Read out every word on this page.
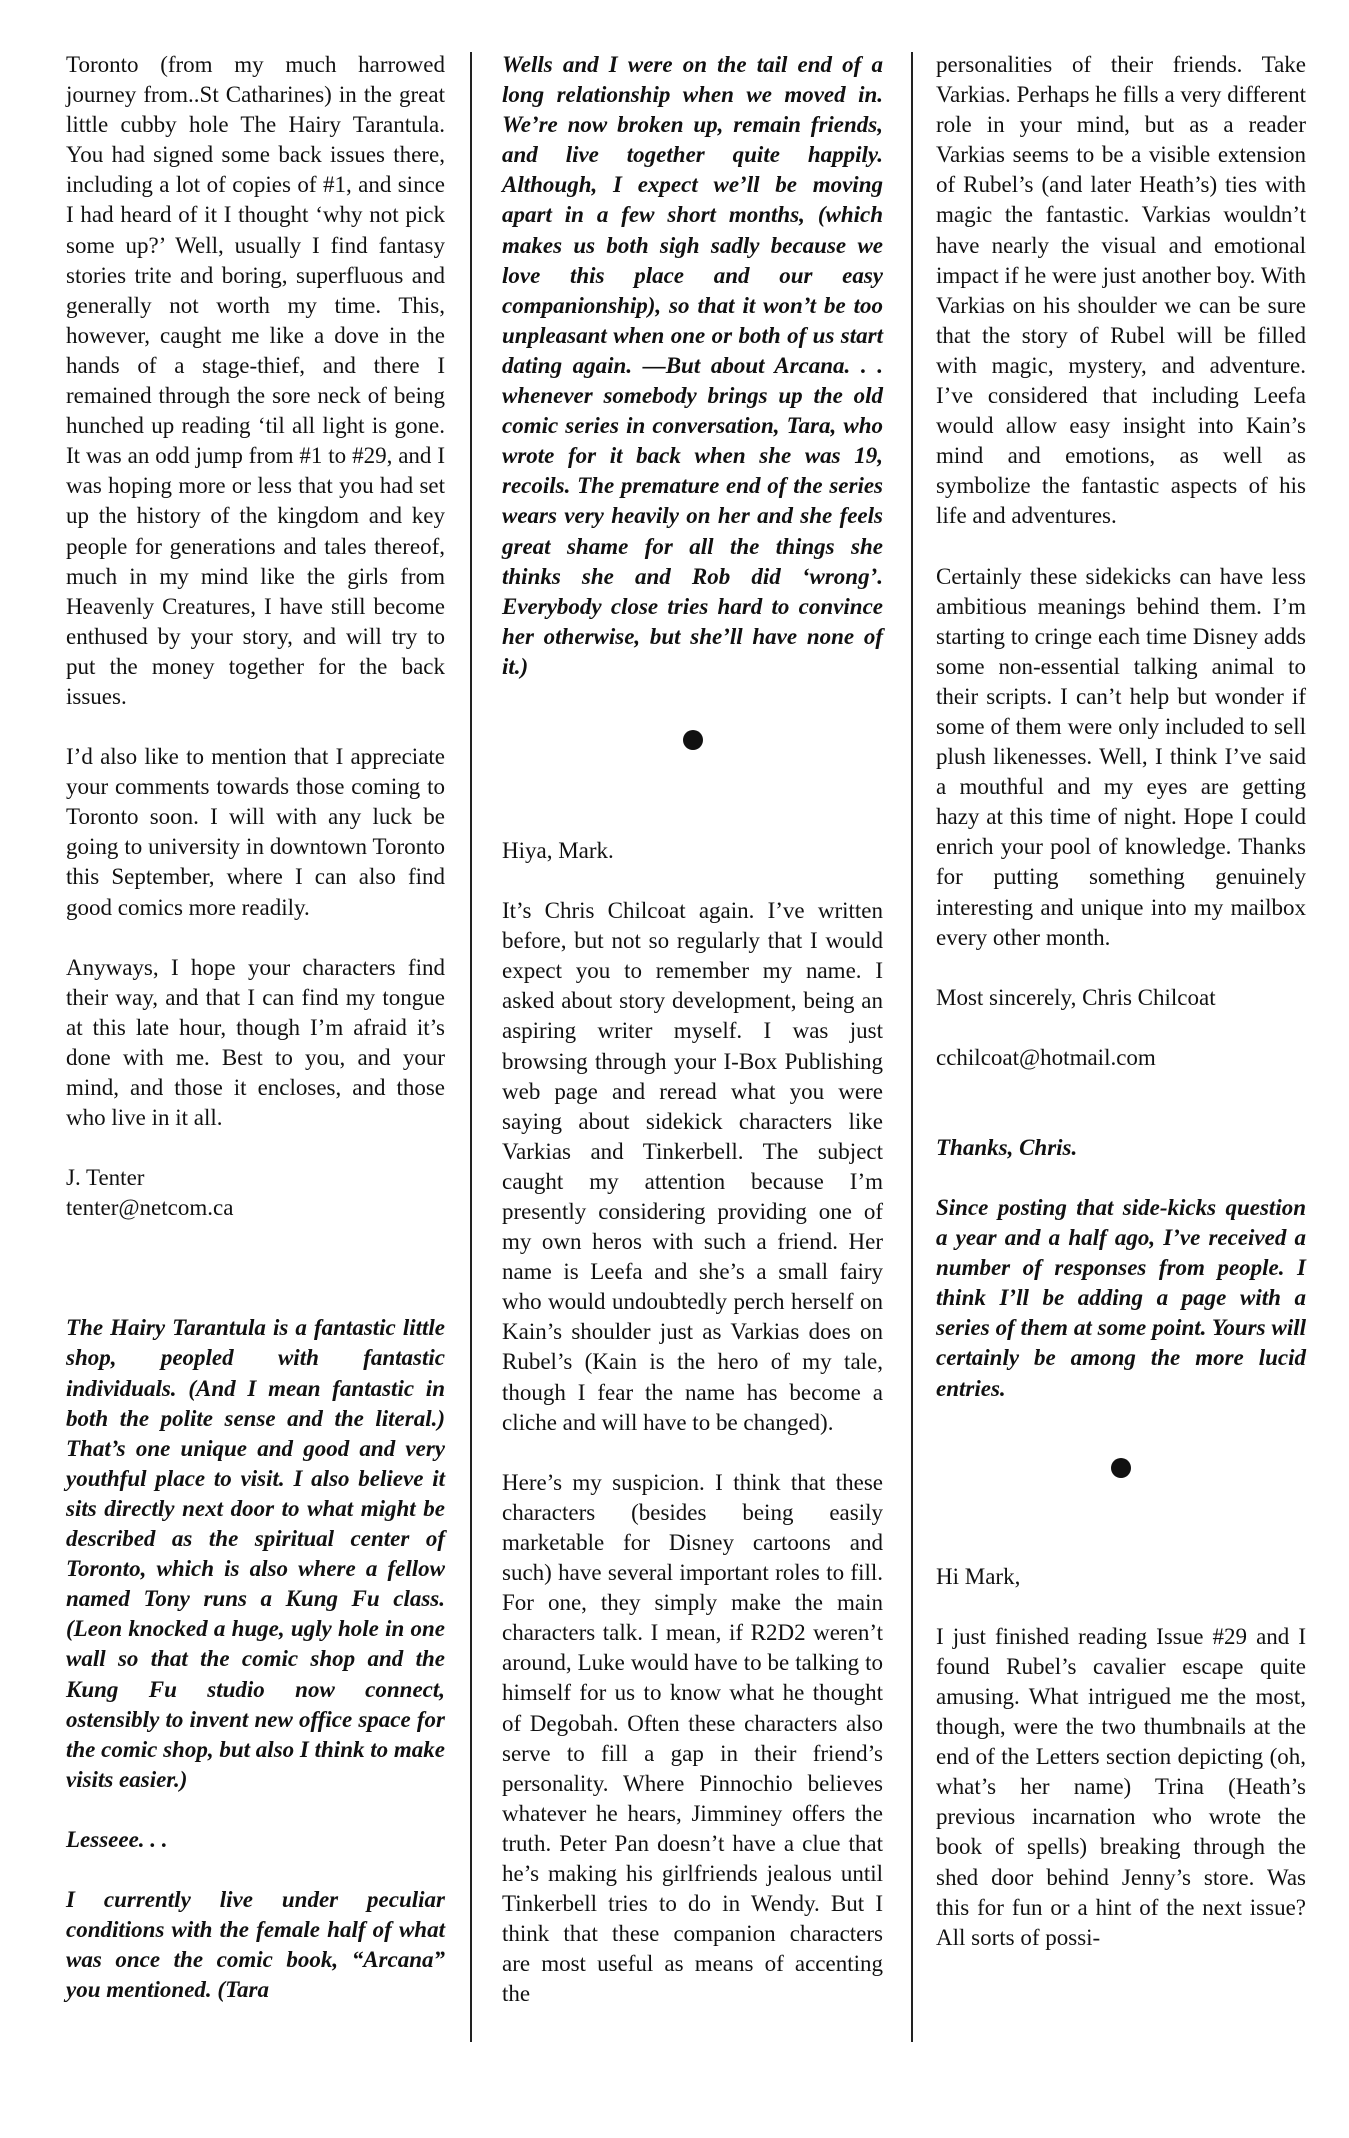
Toronto (from my much harrowed journey from..St Catharines) in the great little cubby hole The Hairy Tarantula. You had signed some back issues there, including a lot of copies of #1, and since I had heard of it I thought ‘why not pick some up?’ Well, usually I find fantasy stories trite and boring, superfluous and generally not worth my time. This, however, caught me like a dove in the hands of a stage-thief, and there I remained through the sore neck of being hunched up reading ‘til all light is gone. It was an odd jump from #1 to #29, and I was hoping more or less that you had set up the history of the kingdom and key people for generations and tales thereof, much in my mind like the girls from Heavenly Creatures, I have still become enthused by your story, and will try to put the money together for the back issues.

I’d also like to mention that I appreciate your comments towards those coming to Toronto soon. I will with any luck be going to university in downtown Toronto this September, where I can also find good comics more readily.

Anyways, I hope your characters find their way, and that I can find my tongue at this late hour, though I’m afraid it’s done with me. Best to you, and your mind, and those it encloses, and those who live in it all.

J. Tenter

tenter@netcom.ca

The Hairy Tarantula is a fantastic little shop, peopled with fantastic individuals. (And I mean fantastic in both the polite sense and the literal.) That’s one unique and good and very youthful place to visit. I also believe it sits directly next door to what might be described as the spiritual center of Toronto, which is also where a fellow named Tony runs a Kung Fu class. (Leon knocked a huge, ugly hole in one wall so that the comic shop and the Kung Fu studio now connect, ostensibly to invent new office space for the comic shop, but also I think to make visits easier.)

Lesseee. . .

I currently live under peculiar conditions with the female half of what was once the comic book, “Arcana” you mentioned. (Tara

Wells and I were on the tail end of a long relationship when we moved in. We’re now broken up, remain friends, and live together quite happily. Although, I expect we’ll be moving apart in a few short months, (which makes us both sigh sadly because we love this place and our easy companionship), so that it won’t be too unpleasant when one or both of us start dating again. —But about Arcana. . . whenever somebody brings up the old comic series in conversation, Tara, who wrote for it back when she was 19, recoils. The premature end of the series wears very heavily on her and she feels great shame for all the things she thinks she and Rob did ‘wrong’. Everybody close tries hard to convince her otherwise, but she’ll have none of it.)

Hiya, Mark.

It’s Chris Chilcoat again. I’ve written before, but not so regularly that I would expect you to remember my name. I asked about story development, being an aspiring writer myself. I was just browsing through your I-Box Publishing web page and reread what you were saying about sidekick characters like Varkias and Tinkerbell. The subject caught my attention because I’m presently considering providing one of my own heros with such a friend. Her name is Leefa and she’s a small fairy who would undoubtedly perch herself on Kain’s shoulder just as Varkias does on Rubel’s (Kain is the hero of my tale, though I fear the name has become a cliche and will have to be changed).

Here’s my suspicion. I think that these characters (besides being easily marketable for Disney cartoons and such) have several important roles to fill. For one, they simply make the main characters talk. I mean, if R2D2 weren’t around, Luke would have to be talking to himself for us to know what he thought of Degobah. Often these characters also serve to fill a gap in their friend’s personality. Where Pinnochio believes whatever he hears, Jimminey offers the truth. Peter Pan doesn’t have a clue that he’s making his girlfriends jealous until Tinkerbell tries to do in Wendy. But I think that these companion characters are most useful as means of accenting the

personalities of their friends. Take Varkias. Perhaps he fills a very different role in your mind, but as a reader Varkias seems to be a visible extension of Rubel’s (and later Heath’s) ties with magic the fantastic. Varkias wouldn’t have nearly the visual and emotional impact if he were just another boy. With Varkias on his shoulder we can be sure that the story of Rubel will be filled with magic, mystery, and adventure. I’ve considered that including Leefa would allow easy insight into Kain’s mind and emotions, as well as symbolize the fantastic aspects of his life and adventures.

Certainly these sidekicks can have less ambitious meanings behind them. I’m starting to cringe each time Disney adds some non-essential talking animal to their scripts. I can’t help but wonder if some of them were only included to sell plush likenesses. Well, I think I’ve said a mouthful and my eyes are getting hazy at this time of night. Hope I could enrich your pool of knowledge. Thanks for putting something genuinely interesting and unique into my mailbox every other month.

Most sincerely, Chris Chilcoat

cchilcoat@hotmail.com

Thanks, Chris.

Since posting that side-kicks question a year and a half ago, I’ve received a number of responses from people. I think I’ll be adding a page with a series of them at some point. Yours will certainly be among the more lucid entries.

Hi Mark,

I just finished reading Issue #29 and I found Rubel’s cavalier escape quite amusing. What intrigued me the most, though, were the two thumbnails at the end of the Letters section depicting (oh, what’s her name) Trina (Heath’s previous incarnation who wrote the book of spells) breaking through the shed door behind Jenny’s store. Was this for fun or a hint of the next issue? All sorts of possi-
